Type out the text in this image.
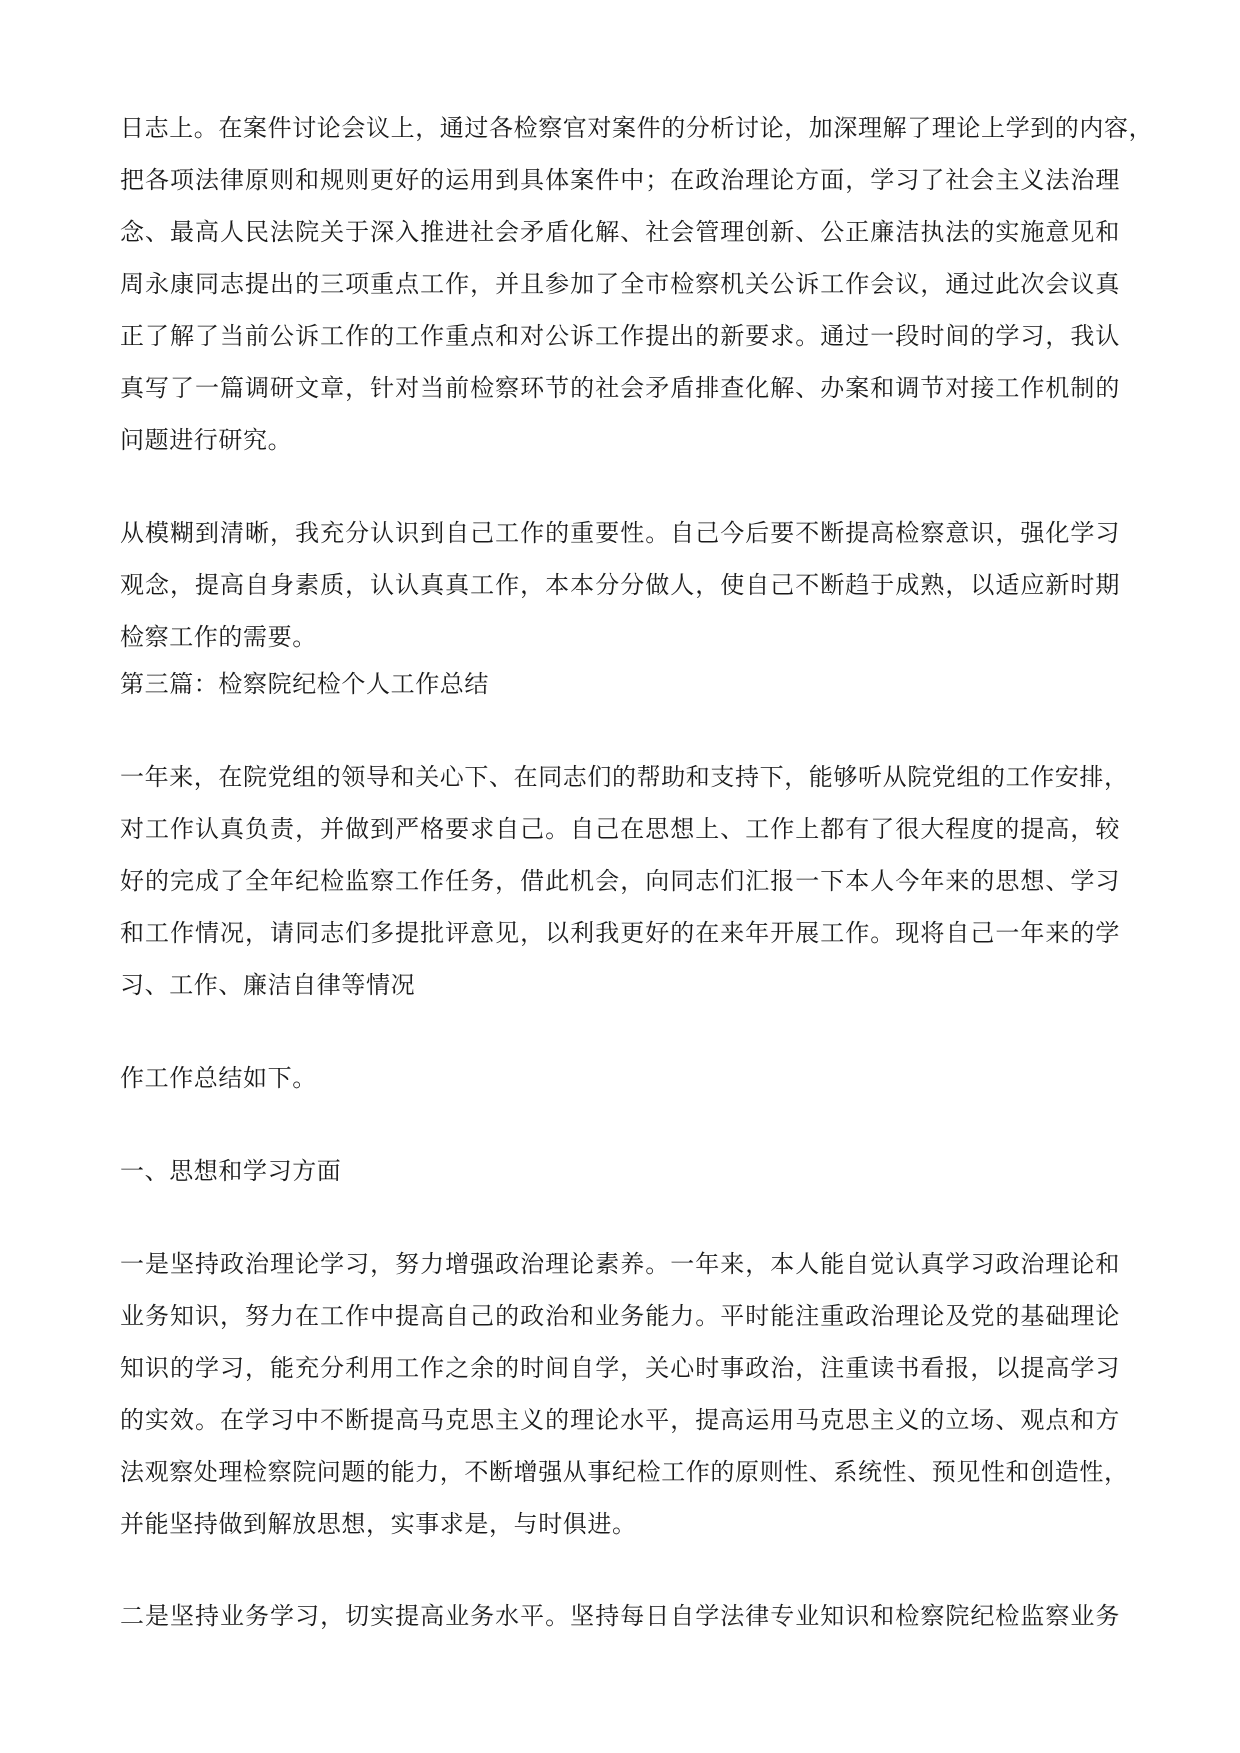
日志上。在案件讨论会议上，通过各检察官对案件的分析讨论，加深理解了理论上学到的内容，
把各项法律原则和规则更好的运用到具体案件中；在政治理论方面，学习了社会主义法治理
念、最高人民法院关于深入推进社会矛盾化解、社会管理创新、公正廉洁执法的实施意见和
周永康同志提出的三项重点工作，并且参加了全市检察机关公诉工作会议，通过此次会议真
正了解了当前公诉工作的工作重点和对公诉工作提出的新要求。通过一段时间的学习，我认
真写了一篇调研文章，针对当前检察环节的社会矛盾排查化解、办案和调节对接工作机制的
问题进行研究。
从模糊到清晰，我充分认识到自己工作的重要性。自己今后要不断提高检察意识，强化学习
观念，提高自身素质，认认真真工作，本本分分做人，使自己不断趋于成熟，以适应新时期
检察工作的需要。
第三篇：检察院纪检个人工作总结
一年来，在院党组的领导和关心下、在同志们的帮助和支持下，能够听从院党组的工作安排，
对工作认真负责，并做到严格要求自己。自己在思想上、工作上都有了很大程度的提高，较
好的完成了全年纪检监察工作任务，借此机会，向同志们汇报一下本人今年来的思想、学习
和工作情况，请同志们多提批评意见，以利我更好的在来年开展工作。现将自己一年来的学
习、工作、廉洁自律等情况
作工作总结如下。
一、思想和学习方面
一是坚持政治理论学习，努力增强政治理论素养。一年来，本人能自觉认真学习政治理论和
业务知识，努力在工作中提高自己的政治和业务能力。平时能注重政治理论及党的基础理论
知识的学习，能充分利用工作之余的时间自学，关心时事政治，注重读书看报，以提高学习
的实效。在学习中不断提高马克思主义的理论水平，提高运用马克思主义的立场、观点和方
法观察处理检察院问题的能力，不断增强从事纪检工作的原则性、系统性、预见性和创造性，
并能坚持做到解放思想，实事求是，与时俱进。
二是坚持业务学习，切实提高业务水平。坚持每日自学法律专业知识和检察院纪检监察业务
